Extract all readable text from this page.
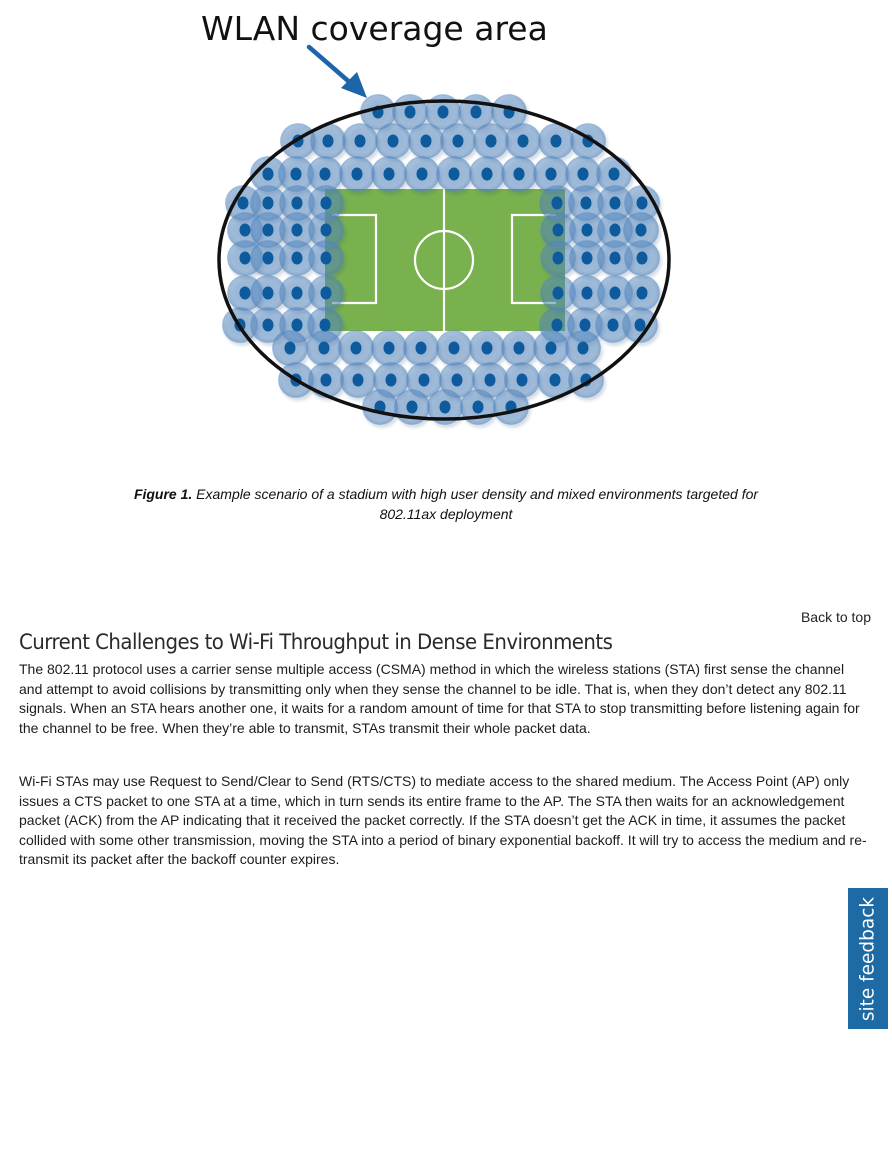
WLAN coverage area
Figure 1. Example scenario of a stadium with high user density and mixed environments targeted for 802.11ax deployment
Back to top
Current Challenges to Wi-Fi Throughput in Dense Environments

The 802.11 protocol uses a carrier sense multiple access (CSMA) method in which the wireless stations (STA) first sense the channel and attempt to avoid collisions by transmitting only when they sense the channel to be idle. That is, when they don’t detect any 802.11 signals. When an STA hears another one, it waits for a random amount of time for that STA to stop transmitting before listening again for the channel to be free. When they’re able to transmit, STAs transmit their whole packet data.

Wi-Fi STAs may use Request to Send/Clear to Send (RTS/CTS) to mediate access to the shared medium. The Access Point (AP) only issues a CTS packet to one STA at a time, which in turn sends its entire frame to the AP. The STA then waits for an acknowledgement packet (ACK) from the AP indicating that it received the packet correctly. If the STA doesn’t get the ACK in time, it assumes the packet collided with some other transmission, moving the STA into a period of binary exponential backoff. It will try to access the medium and re-transmit its packet after the backoff counter expires.

site feedback
